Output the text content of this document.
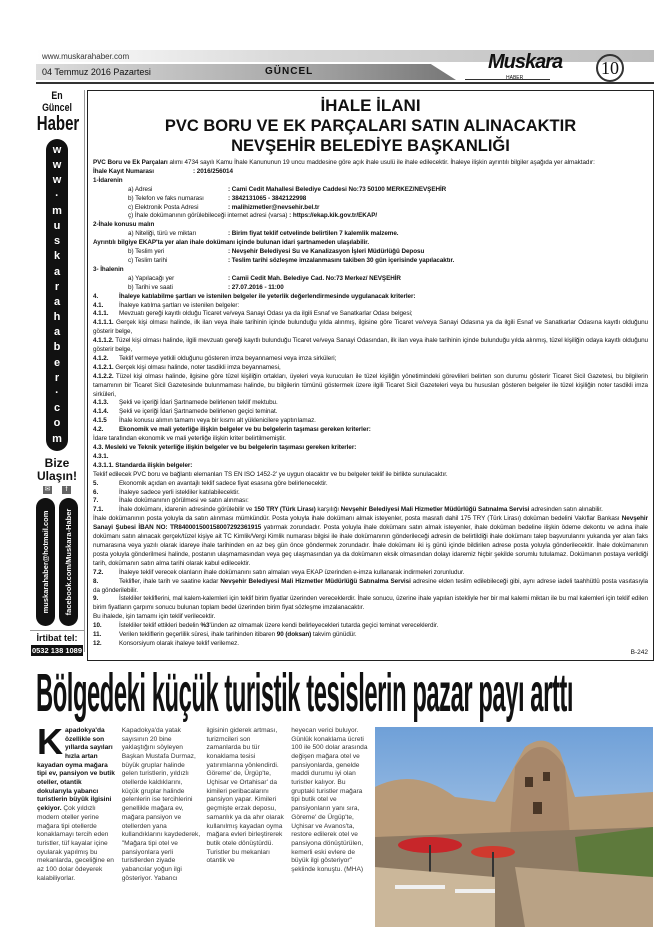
www.muskarahaber.com
04 Temmuz 2016 Pazartesi	GÜNCEL	Muskara
HABER	10
En Güncel
Haber
w
w
w
·
m
u
s
k
a
r
a
h
a
b
e
r
·
c
o
m
Bize Ulaşın!
✉	f
muskarahaber@hotmail.com facebook.com/Muskara-Haber
İrtibat tel:
0532 138 1089
İHALE İLANI
PVC BORU VE EK PARÇALARI SATIN ALINACAKTIR
NEVŞEHİR BELEDİYE BAŞKANLIĞI
PVC Boru ve Ek Parçaları alımı 4734 sayılı Kamu İhale Kanununun 19 uncu maddesine göre açık ihale usulü ile ihale edilecektir. İhaleye ilişkin ayrıntılı bilgiler aşağıda yer almaktadır:
İhale Kayıt Numarası	: 2016/256014
1-İdarenin
a) Adresi	: Cami Cedit Mahallesi Belediye Caddesi No:73 50100 MERKEZ/NEVŞEHİR
b) Telefon ve faks numarası	: 3842131065 - 3842122998
c) Elektronik Posta Adresi	: malihizmetler@nevsehir.bel.tr
ç) İhale dokümanının görülebileceği internet adresi (varsa) : https://ekap.kik.gov.tr/EKAP/
2-İhale konusu malın
a) Niteliği, türü ve miktarı	: Birim fiyat teklif cetvelinde belirtilen 7 kalemlik malzeme.
Ayrıntılı bilgiye EKAP'ta yer alan ihale dokümanı içinde bulunan idari şartnameden ulaşılabilir.
b) Teslim yeri	: Nevşehir Belediyesi Su ve Kanalizasyon İşleri Müdürlüğü Deposu
c) Teslim tarihi	: Teslim tarihi sözleşme imzalanmasını takiben 30 gün içerisinde yapılacaktır.
3- İhalenin
a) Yapılacağı yer	: Camii Cedit Mah. Belediye Cad. No:73 Merkez/ NEVŞEHİR
b) Tarihi ve saati	: 27.07.2016 - 11:00
4.	İhaleye katılabilme şartları ve istenilen belgeler ile yeterlik değerlendirmesinde uygulanacak kriterler:
4.1. İhaleye katılma şartları ve istenilen belgeler:
4.1.1. Mevzuatı gereği kayıtlı olduğu Ticaret ve/veya Sanayi Odası ya da ilgili Esnaf ve Sanatkarlar Odası belgesi;
4.1.1.1. Gerçek kişi olması halinde, ilk ilan veya ihale tarihinin içinde bulunduğu yılda alınmış, ilgisine göre Ticaret ve/veya Sanayi Odasına ya da ilgili Esnaf ve Sanatkarlar Odasına kayıtlı olduğunu gösterir belge,
4.1.1.2. Tüzel kişi olması halinde, ilgili mevzuatı gereği kayıtlı bulunduğu Ticaret ve/veya Sanayi Odasından, ilk ilan veya ihale tarihinin içinde bulunduğu yılda alınmış, tüzel kişiliğin odaya kayıtlı olduğunu gösterir belge,
4.1.2. Teklif vermeye yetkili olduğunu gösteren imza beyannamesi veya imza sirküleri;
4.1.2.1. Gerçek kişi olması halinde, noter tasdikli imza beyannamesi,
4.1.2.2. Tüzel kişi olması halinde, ilgisine göre tüzel kişiliğin ortakları, üyeleri veya kurucuları ile tüzel kişiliğin yönetimindeki görevlileri belirten son durumu gösterir Ticaret Sicil Gazetesi, bu bilgilerin tamamının bir Ticaret Sicil Gazetesinde bulunmaması halinde, bu bilgilerin tümünü göstermek üzere ilgili Ticaret Sicil Gazeteleri veya bu hususları gösteren belgeler ile tüzel kişiliğin noter tasdikli imza sirküleri,
4.1.3. Şekli ve içeriği İdari Şartnamede belirlenen teklif mektubu.
4.1.4. Şekli ve içeriği İdari Şartnamede belirlenen geçici teminat.
4.1.5 İhale konusu alımın tamamı veya bir kısmı alt yüklenicilere yaptırılamaz.
4.2. Ekonomik ve mali yeterliğe ilişkin belgeler ve bu belgelerin taşıması gereken kriterler:
İdare tarafından ekonomik ve mali yeterliğe ilişkin kriter belirtilmemiştir.
4.3. Mesleki ve Teknik yeterliğe ilişkin belgeler ve bu belgelerin taşıması gereken kriterler:
4.3.1.
4.3.1.1. Standarda ilişkin belgeler:
Teklif edilecek PVC boru ve bağlantı elemanları TS EN ISO 1452-2' ye uygun olacaktır ve bu belgeler teklif ile birlikte sunulacaktır.
5.	Ekonomik açıdan en avantajlı teklif sadece fiyat esasına göre belirlenecektir.
6.	İhaleye sadece yerli istekliler katılabilecektir.
7.	İhale dokümanının görülmesi ve satın alınması:
7.1. İhale dokümanı, idarenin adresinde görülebilir ve 150 TRY (Türk Lirası) karşılığı Nevşehir Belediyesi Mali Hizmetler Müdürlüğü Satınalma Servisi adresinden satın alınabilir.
İhale dokümanının posta yoluyla da satın alınması mümkündür. Posta yoluyla ihale dokümanı almak isteyenler, posta masrafı dahil 175 TRY (Türk Lirası) doküman bedelini Vakıflar Bankası Nevşehir Sanayi Şubesi İBAN NO: TR840001500158007292361915 yatırmak zorundadır. Posta yoluyla ihale dokümanı satın almak isteyenler, ihale doküman bedeline ilişkin ödeme dekontu ve adına ihale dokümanı satın alınacak gerçek/tüzel kişiye ait TC Kimlik/Vergi Kimlik numarası bilgisi ile ihale dokümanının gönderileceği adresin de belirtildiği ihale dokümanı talep başvurularını yukarıda yer alan faks numarasına veya yazılı olarak idareye ihale tarihinden en az beş gün önce göndermek zorundadır. İhale dokümanı iki iş günü içinde bildirilen adrese posta yoluyla gönderilecektir. İhale dokümanının posta yoluyla gönderilmesi halinde, postanın ulaşmamasından veya geç ulaşmasından ya da dokümanın eksik olmasından dolayı idaremiz hiçbir şekilde sorumlu tutulamaz. Dokümanın postaya verildiği tarih, dokümanın satın alma tarihi olarak kabul edilecektir.
7.2. İhaleye teklif verecek olanların ihale dokümanını satın almaları veya EKAP üzerinden e-imza kullanarak indirmeleri zorunludur.
8.	Teklifler, ihale tarih ve saatine kadar Nevşehir Belediyesi Mali Hizmetler Müdürlüğü Satınalma Servisi adresine elden teslim edilebileceği gibi, aynı adrese iadeli taahhütlü posta vasıtasıyla da gönderilebilir.
9.	İstekliler tekliflerini, mal kalem-kalemleri için teklif birim fiyatlar üzerinden vereceklerdir. İhale sonucu, üzerine ihale yapılan istekliyle her bir mal kalemi miktarı ile bu mal kalemleri için teklif edilen birim fiyatların çarpımı sonucu bulunan toplam bedel üzerinden birim fiyat sözleşme imzalanacaktır.
Bu ihalede, işin tamamı için teklif verilecektir.
10.	İstekliler teklif ettikleri bedelin %3'ünden az olmamak üzere kendi belirleyecekleri tutarda geçici teminat vereceklerdir.
11.	Verilen tekliflerin geçerlilik süresi, ihale tarihinden itibaren 90 (doksan) takvim günüdür.
12.	Konsorsiyum olarak ihaleye teklif verilemez.
B-242
Bölgedeki küçük turistik tesislerin pazar payı arttı
Kapadokya'da özellikle son yıllarda sayıları hızla artan kayadan oyma mağara tipi ev, pansiyon ve butik oteller, otantik dokularıyla yabancı turistlerin büyük ilgisini çekiyor. Çok yıldızlı modern oteller yerine mağara tipi otellerde konaklamayı tercih eden turistler, tüf kayalar içine oyularak yapılmış bu mekanlarda, geceliğine en az 100 dolar ödeyerek kalabiliyorlar.
Kapadokya'da yatak sayısının 20 bine yaklaştığını söyleyen Başkan Mustafa Durmaz, büyük gruplar halinde gelen turistlerin, yıldızlı otellerde kaldıklarını, küçük gruplar halinde gelenlerin ise tercihlerini genellikle mağara ev, mağara pansiyon ve otellerden yana kullandıklarını kaydederek, "Mağara tipi otel ve pansiyonlara yerli turistlerden ziyade yabancılar yoğun ilgi gösteriyor. Yabancı
ilgisinin giderek artması, turizmcileri son zamanlarda bu tür konaklama tesisi yatırımlarına yönlendirdi. Göreme' de, Ürgüp'te, Uçhisar ve Ortahisar' da kimileri peribacalarını pansiyon yapar. Kimileri geçmişte erzak deposu, samanlık ya da ahır olarak kullanılmış kayadan oyma mağara evleri birleştirerek butik otele dönüştürdü. Turistler bu mekanları otantik ve
heyecan verici buluyor. Günlük konaklama ücreti 100 ile 500 dolar arasında değişen mağara otel ve pansiyonlarda, genelde maddi durumu iyi olan turistler kalıyor. Bu gruptaki turistler mağara tipi butik otel ve pansiyonların yanı sıra, Göreme' de Ürgüp'te, Uçhisar ve Avanos'ta, restore edilerek otel ve pansiyona dönüştürülen, kemerli eski evlere de büyük ilgi gösteriyor" şeklinde konuştu. (MHA)
